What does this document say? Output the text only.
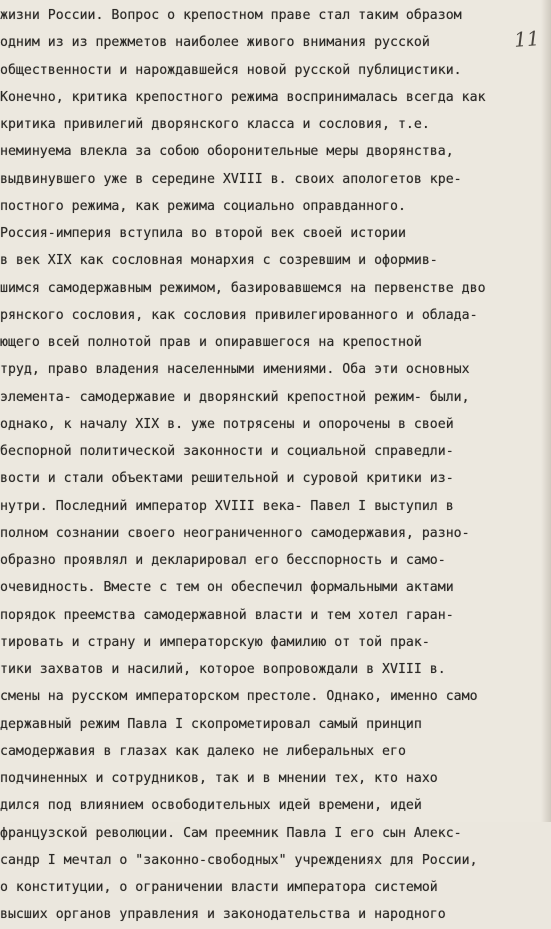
жизни России. Вопрос о крепостном праве стал таким образом
одним из из прежметов наиболее живого внимания русской
общественности и нарождавшейся новой русской публицистики.
Конечно, критика крепостного режима воспринималась всегда как
критика привилегий дворянского класса и сословия, т.е.
неминуема влекла за собою оборонительные меры дворянства,
выдвинувшего уже в середине XVIII в. своих апологетов кре-
постного режима, как режима социально оправданного.
Россия-империя вступила во второй век своей истории
в век XIX как сословная монархия с созревшим и оформив-
шимся самодержавным режимом, базировавшемся на первенстве дво
рянского сословия, как сословия привилегированного и облада-
ющего всей полнотой прав и опиравшегося на крепостной
труд, право владения населенными имениями. Оба эти основных
элемента- самодержавие и дворянский крепостной режим- были,
однако, к началу XIX в. уже потрясены и опорочены в своей
беспорной политической законности и социальной справедли-
вости и стали объектами решительной и суровой критики из-
нутри. Последний император XVIII века- Павел I выступил в
полном сознании своего неограниченного самодержавия, разно-
образно проявлял и декларировал его бесспорность и само-
очевидность. Вместе с тем он обеспечил формальными актами
порядок преемства самодержавной власти и тем хотел гаран-
тировать и страну и императорскую фамилию от той прак-
тики захватов и насилий, которое вопровождали в XVIII в.
смены на русском императорском престоле. Однако, именно само
державный режим Павла I скопрометировал самый принцип
самодержавия в глазах как далеко не либеральных его
подчиненных и сотрудников, так и в мнении тех, кто нахо
дился под влиянием освободительных идей времени, идей
французской революции. Сам преемник Павла I его сын Алекс-
сандр I мечтал о "законно-свободных" учреждениях для России,
о конституции, о ограничении власти императора системой
высших органов управления и законодательства и народного
11
